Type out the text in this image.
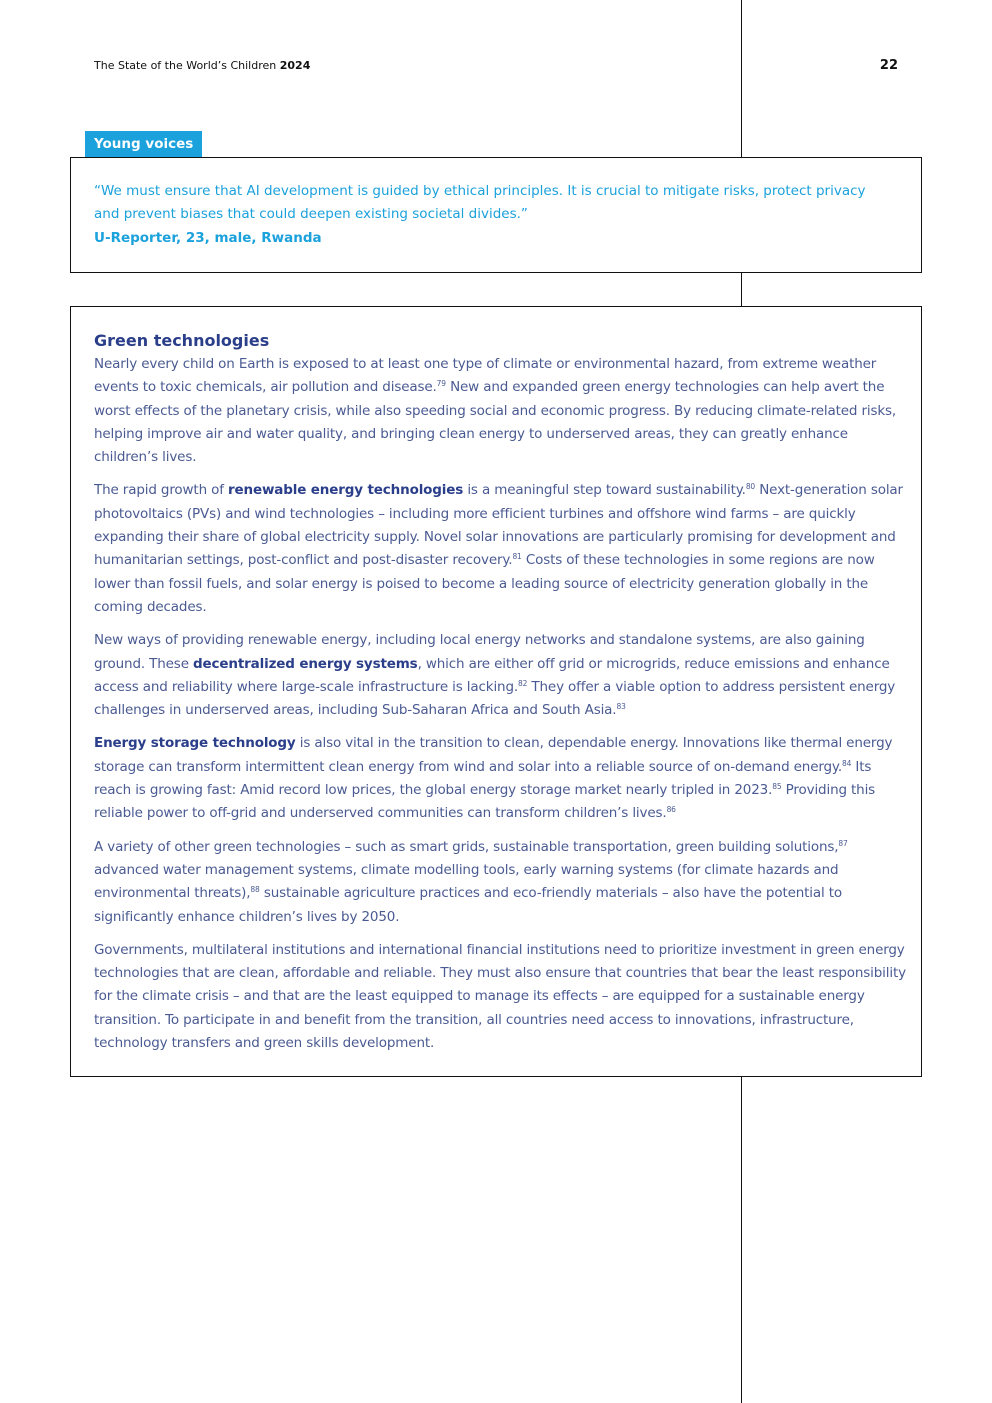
The State of the World’s Children 2024	22
Young voices
“We must ensure that AI development is guided by ethical principles. It is crucial to mitigate risks, protect privacy and prevent biases that could deepen existing societal divides.”
U-Reporter, 23, male, Rwanda
Green technologies

Nearly every child on Earth is exposed to at least one type of climate or environmental hazard, from extreme weather events to toxic chemicals, air pollution and disease.$^{79}$ New and expanded green energy technologies can help avert the worst effects of the planetary crisis, while also speeding social and economic progress. By reducing climate-related risks, helping improve air and water quality, and bringing clean energy to underserved areas, they can greatly enhance children’s lives.

The rapid growth of renewable energy technologies is a meaningful step toward sustainability.$^{80}$ Next-generation solar photovoltaics (PVs) and wind technologies – including more efficient turbines and offshore wind farms – are quickly expanding their share of global electricity supply. Novel solar innovations are particularly promising for development and humanitarian settings, post-conflict and post-disaster recovery.$^{81}$ Costs of these technologies in some regions are now lower than fossil fuels, and solar energy is poised to become a leading source of electricity generation globally in the coming decades.

New ways of providing renewable energy, including local energy networks and standalone systems, are also gaining ground. These decentralized energy systems, which are either off grid or microgrids, reduce emissions and enhance access and reliability where large-scale infrastructure is lacking.$^{82}$ They offer a viable option to address persistent energy challenges in underserved areas, including Sub-Saharan Africa and South Asia.$^{83}$

Energy storage technology is also vital in the transition to clean, dependable energy. Innovations like thermal energy storage can transform intermittent clean energy from wind and solar into a reliable source of on-demand energy.$^{84}$ Its reach is growing fast: Amid record low prices, the global energy storage market nearly tripled in 2023.85 Providing this reliable power to off-grid and underserved communities can transform children’s lives.$^{86}$

A variety of other green technologies – such as smart grids, sustainable transportation, green building solutions,$^{87}$ advanced water management systems, climate modelling tools, early warning systems (for climate hazards and environmental threats),$^{88}$ sustainable agriculture practices and eco-friendly materials – also have the potential to significantly enhance children’s lives by 2050.

Governments, multilateral institutions and international financial institutions need to prioritize investment in green energy technologies that are clean, affordable and reliable. They must also ensure that countries that bear the least responsibility for the climate crisis – and that are the least equipped to manage its effects – are equipped for a sustainable energy transition. To participate in and benefit from the transition, all countries need access to innovations, infrastructure, technology transfers and green skills development.
